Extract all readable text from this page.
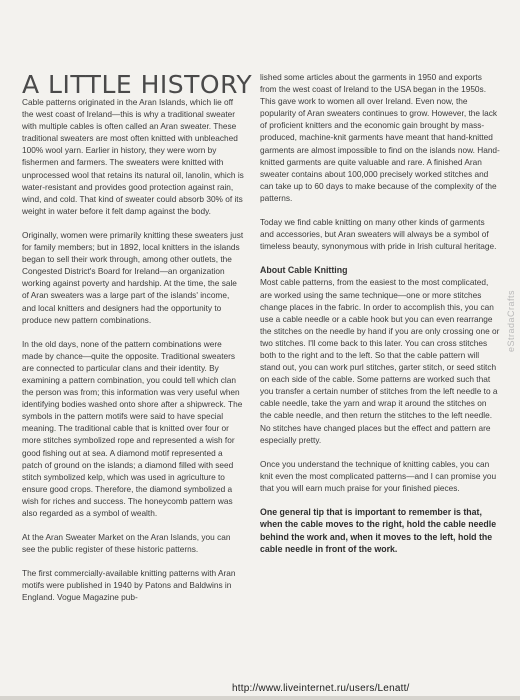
A LITTLE HISTORY

Cable patterns originated in the Aran Islands, which lie off the west coast of Ireland—this is why a traditional sweater with multiple cables is often called an Aran sweater. These traditional sweaters are most often knitted with unbleached 100% wool yarn. Earlier in history, they were worn by fishermen and farmers. The sweaters were knitted with unprocessed wool that retains its natural oil, lanolin, which is water-resistant and provides good protection against rain, wind, and cold. That kind of sweater could absorb 30% of its weight in water before it felt damp against the body.

Originally, women were primarily knitting these sweaters just for family members; but in 1892, local knitters in the islands began to sell their work through, among other outlets, the Congested District's Board for Ireland—an organization working against poverty and hardship. At the time, the sale of Aran sweaters was a large part of the islands' income, and local knitters and designers had the opportunity to produce new pattern combinations.

In the old days, none of the pattern combinations were made by chance—quite the opposite. Traditional sweaters are connected to particular clans and their identity. By examining a pattern combination, you could tell which clan the person was from; this information was very useful when identifying bodies washed onto shore after a shipwreck. The symbols in the pattern motifs were said to have special meaning. The traditional cable that is knitted over four or more stitches symbolized rope and represented a wish for good fishing out at sea. A diamond motif represented a patch of ground on the islands; a diamond filled with seed stitch symbolized kelp, which was used in agriculture to ensure good crops. Therefore, the diamond symbolized a wish for riches and success. The honeycomb pattern was also regarded as a symbol of wealth.

At the Aran Sweater Market on the Aran Islands, you can see the public register of these historic patterns.

The first commercially-available knitting patterns with Aran motifs were published in 1940 by Patons and Baldwins in England. Vogue Magazine pub-

lished some articles about the garments in 1950 and exports from the west coast of Ireland to the USA began in the 1950s. This gave work to women all over Ireland. Even now, the popularity of Aran sweaters continues to grow. However, the lack of proficient knitters and the economic gain brought by mass-produced, machine-knit garments have meant that hand-knitted garments are almost impossible to find on the islands now. Hand-knitted garments are quite valuable and rare. A finished Aran sweater contains about 100,000 precisely worked stitches and can take up to 60 days to make because of the complexity of the patterns.

Today we find cable knitting on many other kinds of garments and accessories, but Aran sweaters will always be a symbol of timeless beauty, synonymous with pride in Irish cultural heritage.

About Cable Knitting

Most cable patterns, from the easiest to the most complicated, are worked using the same technique—one or more stitches change places in the fabric. In order to accomplish this, you can use a cable needle or a cable hook but you can even rearrange the stitches on the needle by hand if you are only crossing one or two stitches. I'll come back to this later. You can cross stitches both to the right and to the left. So that the cable pattern will stand out, you can work purl stitches, garter stitch, or seed stitch on each side of the cable. Some patterns are worked such that you transfer a certain number of stitches from the left needle to a cable needle, take the yarn and wrap it around the stitches on the cable needle, and then return the stitches to the left needle. No stitches have changed places but the effect and pattern are especially pretty.

Once you understand the technique of knitting cables, you can knit even the most complicated patterns—and I can promise you that you will earn much praise for your finished pieces.

One general tip that is important to remember is that, when the cable moves to the right, hold the cable needle behind the work and, when it moves to the left, hold the cable needle in front of the work.

eStradaCrafts
http://www.liveinternet.ru/users/Lenatt/
